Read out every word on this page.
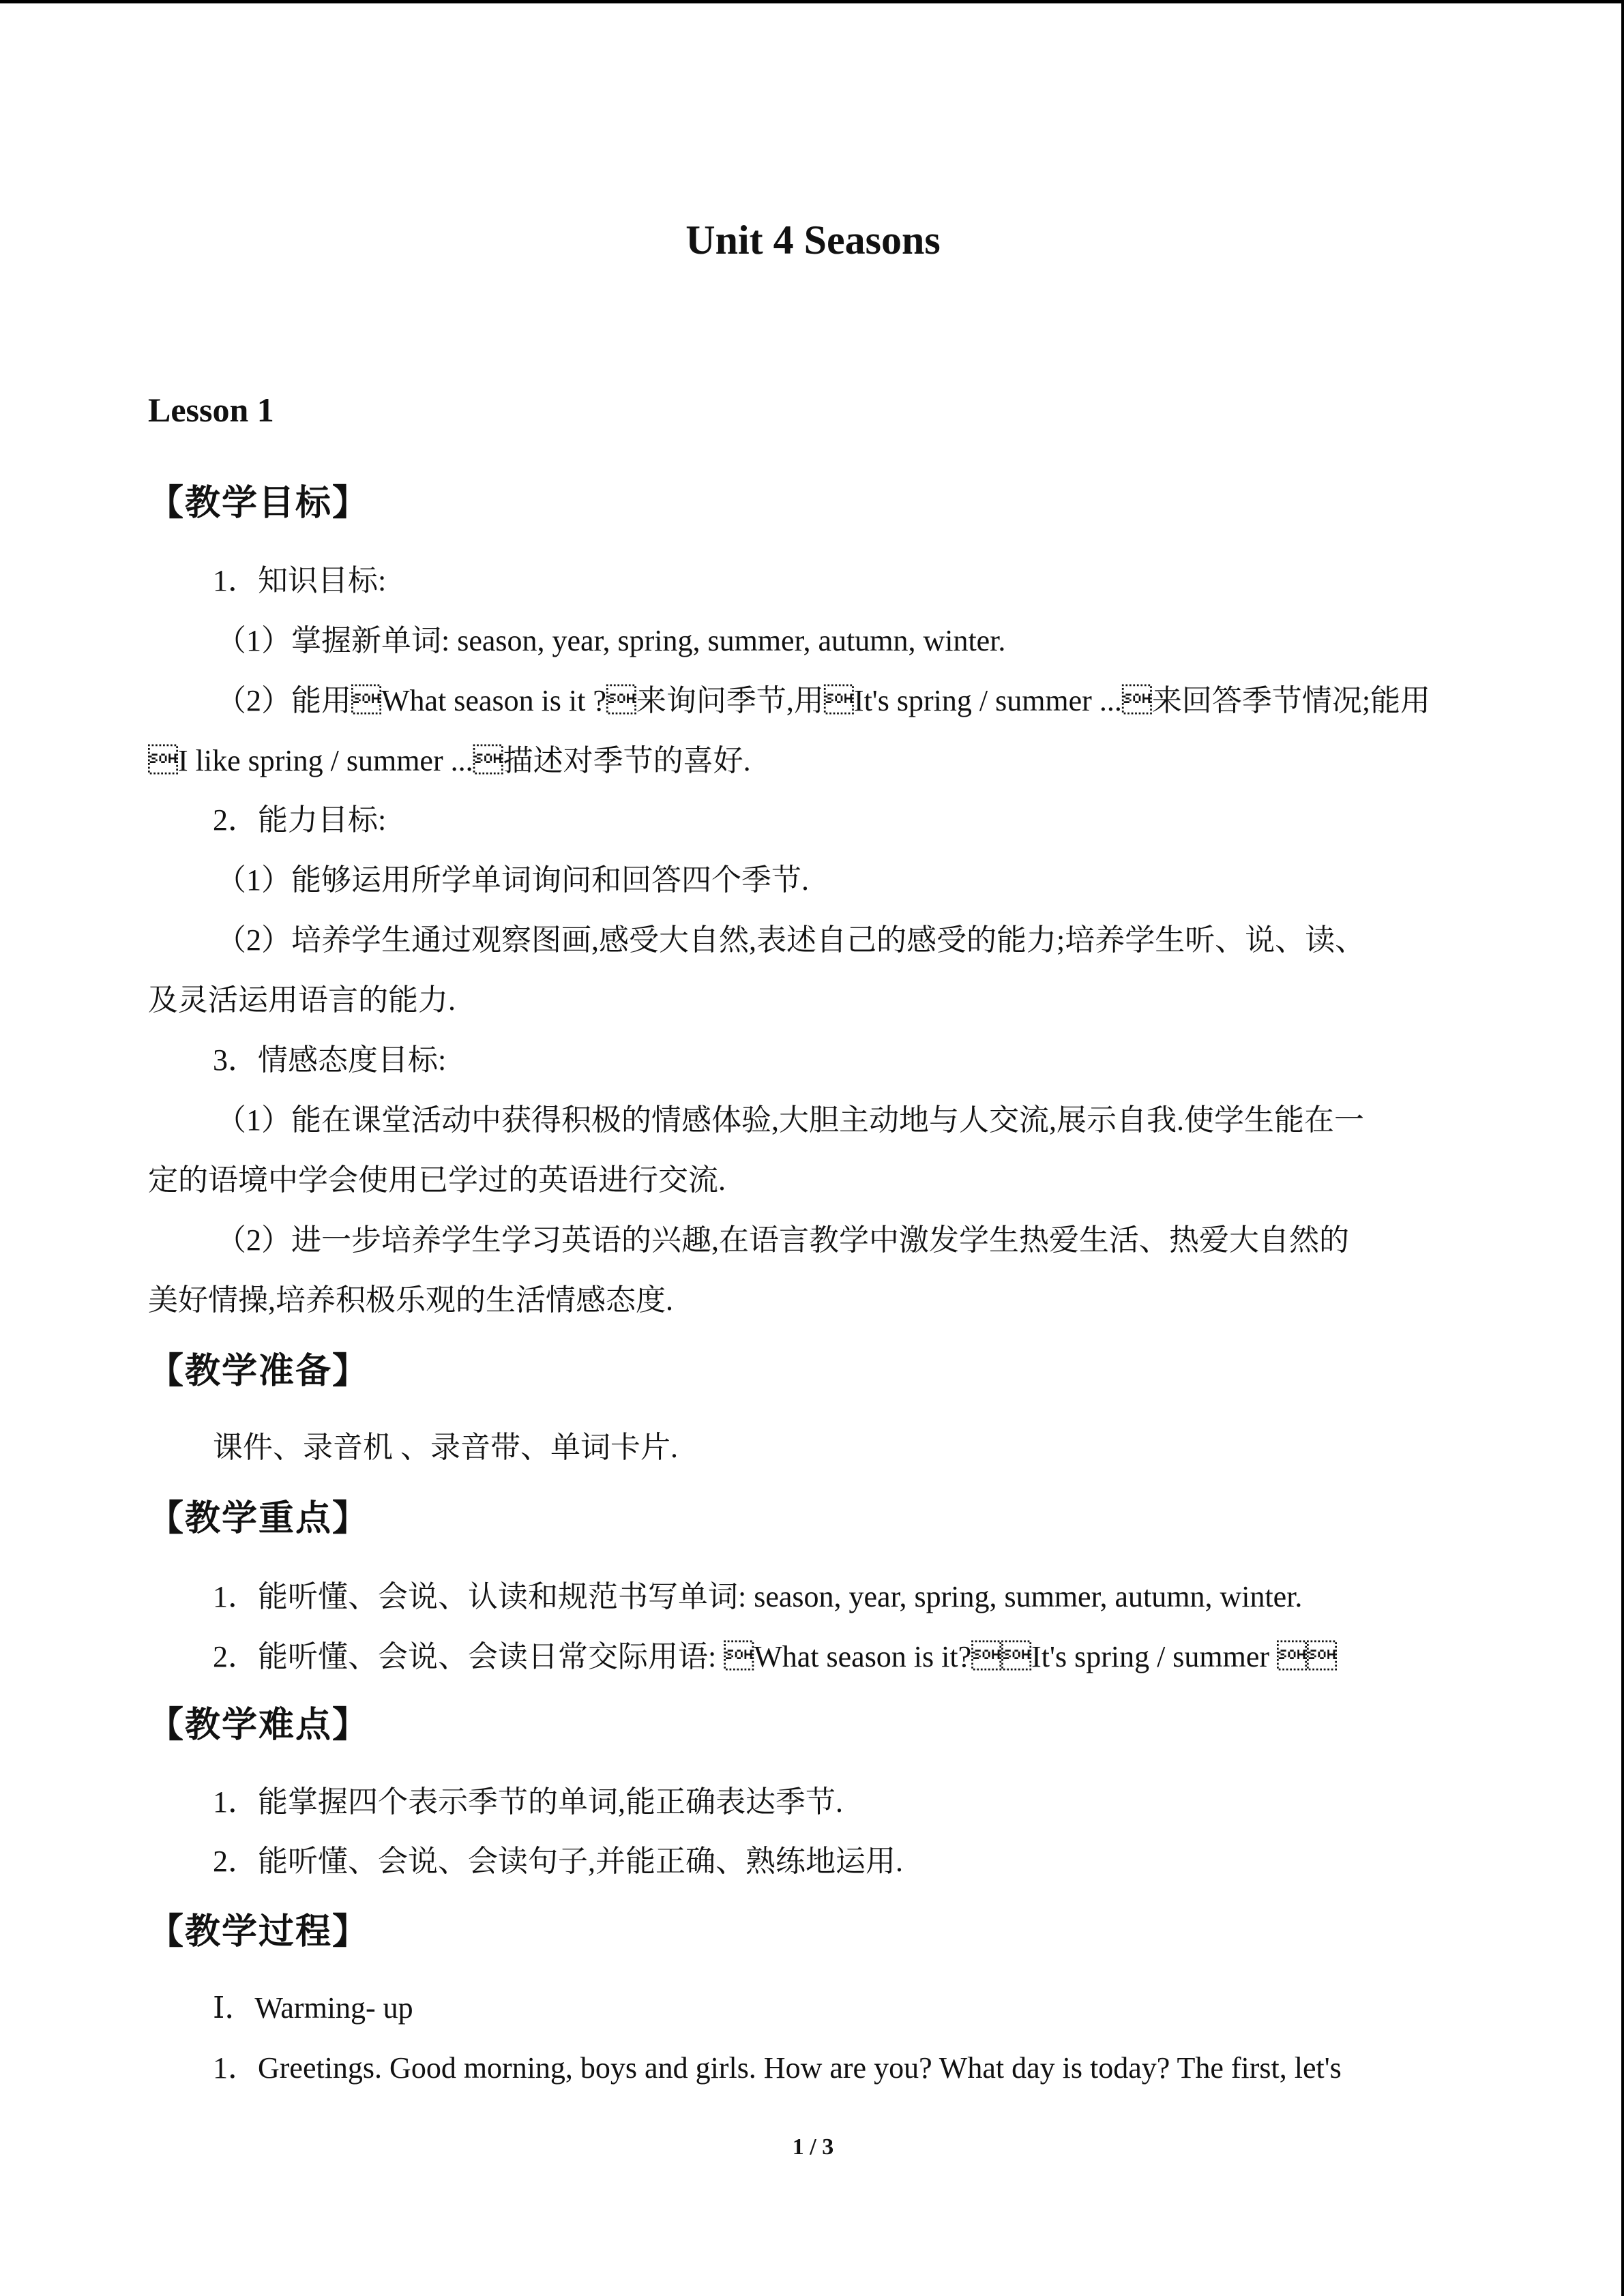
Unit 4 Seasons
Lesson 1
【教学目标】
1．知识目标:
（1）掌握新单词: season, year, spring, summer, autumn, winter.
（2）能用What season is it ?来询问季节,用It's spring / summer ...来回答季节情况;能用
I like spring / summer ...描述对季节的喜好.
2．能力目标:
（1）能够运用所学单词询问和回答四个季节.
（2）培养学生通过观察图画,感受大自然,表述自己的感受的能力;培养学生听、说、读、
及灵活运用语言的能力.
3．情感态度目标:
（1）能在课堂活动中获得积极的情感体验,大胆主动地与人交流,展示自我.使学生能在一
定的语境中学会使用已学过的英语进行交流.
（2）进一步培养学生学习英语的兴趣,在语言教学中激发学生热爱生活、热爱大自然的
美好情操,培养积极乐观的生活情感态度.
【教学准备】
课件、录音机 、录音带、单词卡片.
【教学重点】
1．能听懂、会说、认读和规范书写单词: season, year, spring, summer, autumn, winter.
2．能听懂、会说、会读日常交际用语: What season is it?It's spring / summer 
【教学难点】
1．能掌握四个表示季节的单词,能正确表达季节.
2．能听懂、会说、会读句子,并能正确、熟练地运用.
【教学过程】
Ⅰ．Warming- up
1．Greetings. Good morning, boys and girls. How are you? What day is today? The first, let's
1 / 3
